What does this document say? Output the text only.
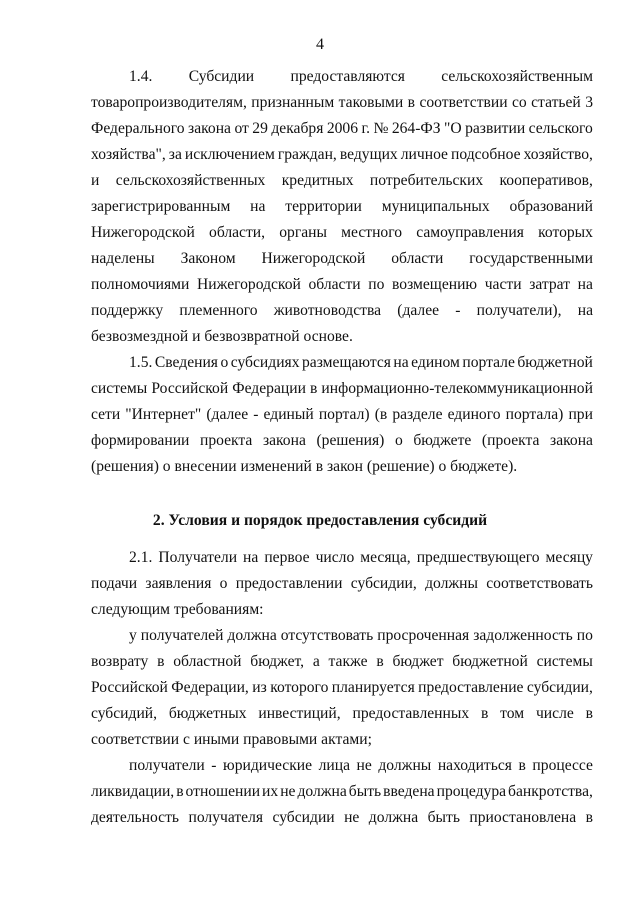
4
1.4. Субсидии предоставляются сельскохозяйственным
товаропроизводителям, признанным таковыми в соответствии со статьей 3
Федерального закона от 29 декабря 2006 г. № 264-ФЗ "О развитии сельского
хозяйства", за исключением граждан, ведущих личное подсобное хозяйство,
и сельскохозяйственных кредитных потребительских кооперативов,
зарегистрированным на территории муниципальных образований
Нижегородской области, органы местного самоуправления которых
наделены Законом Нижегородской области государственными
полномочиями Нижегородской области по возмещению части затрат на
поддержку племенного животноводства (далее - получатели), на
безвозмездной и безвозвратной основе.
1.5. Сведения о субсидиях размещаются на едином портале бюджетной
системы Российской Федерации в информационно-телекоммуникационной
сети "Интернет" (далее - единый портал) (в разделе единого портала) при
формировании проекта закона (решения) о бюджете (проекта закона
(решения) о внесении изменений в закон (решение) о бюджете).
2. Условия и порядок предоставления субсидий
2.1. Получатели на первое число месяца, предшествующего месяцу
подачи заявления о предоставлении субсидии, должны соответствовать
следующим требованиям:
у получателей должна отсутствовать просроченная задолженность по
возврату в областной бюджет, а также в бюджет бюджетной системы
Российской Федерации, из которого планируется предоставление субсидии,
субсидий, бюджетных инвестиций, предоставленных в том числе в
соответствии с иными правовыми актами;
получатели - юридические лица не должны находиться в процессе
ликвидации, в отношении их не должна быть введена процедура банкротства,
деятельность получателя субсидии не должна быть приостановлена в
